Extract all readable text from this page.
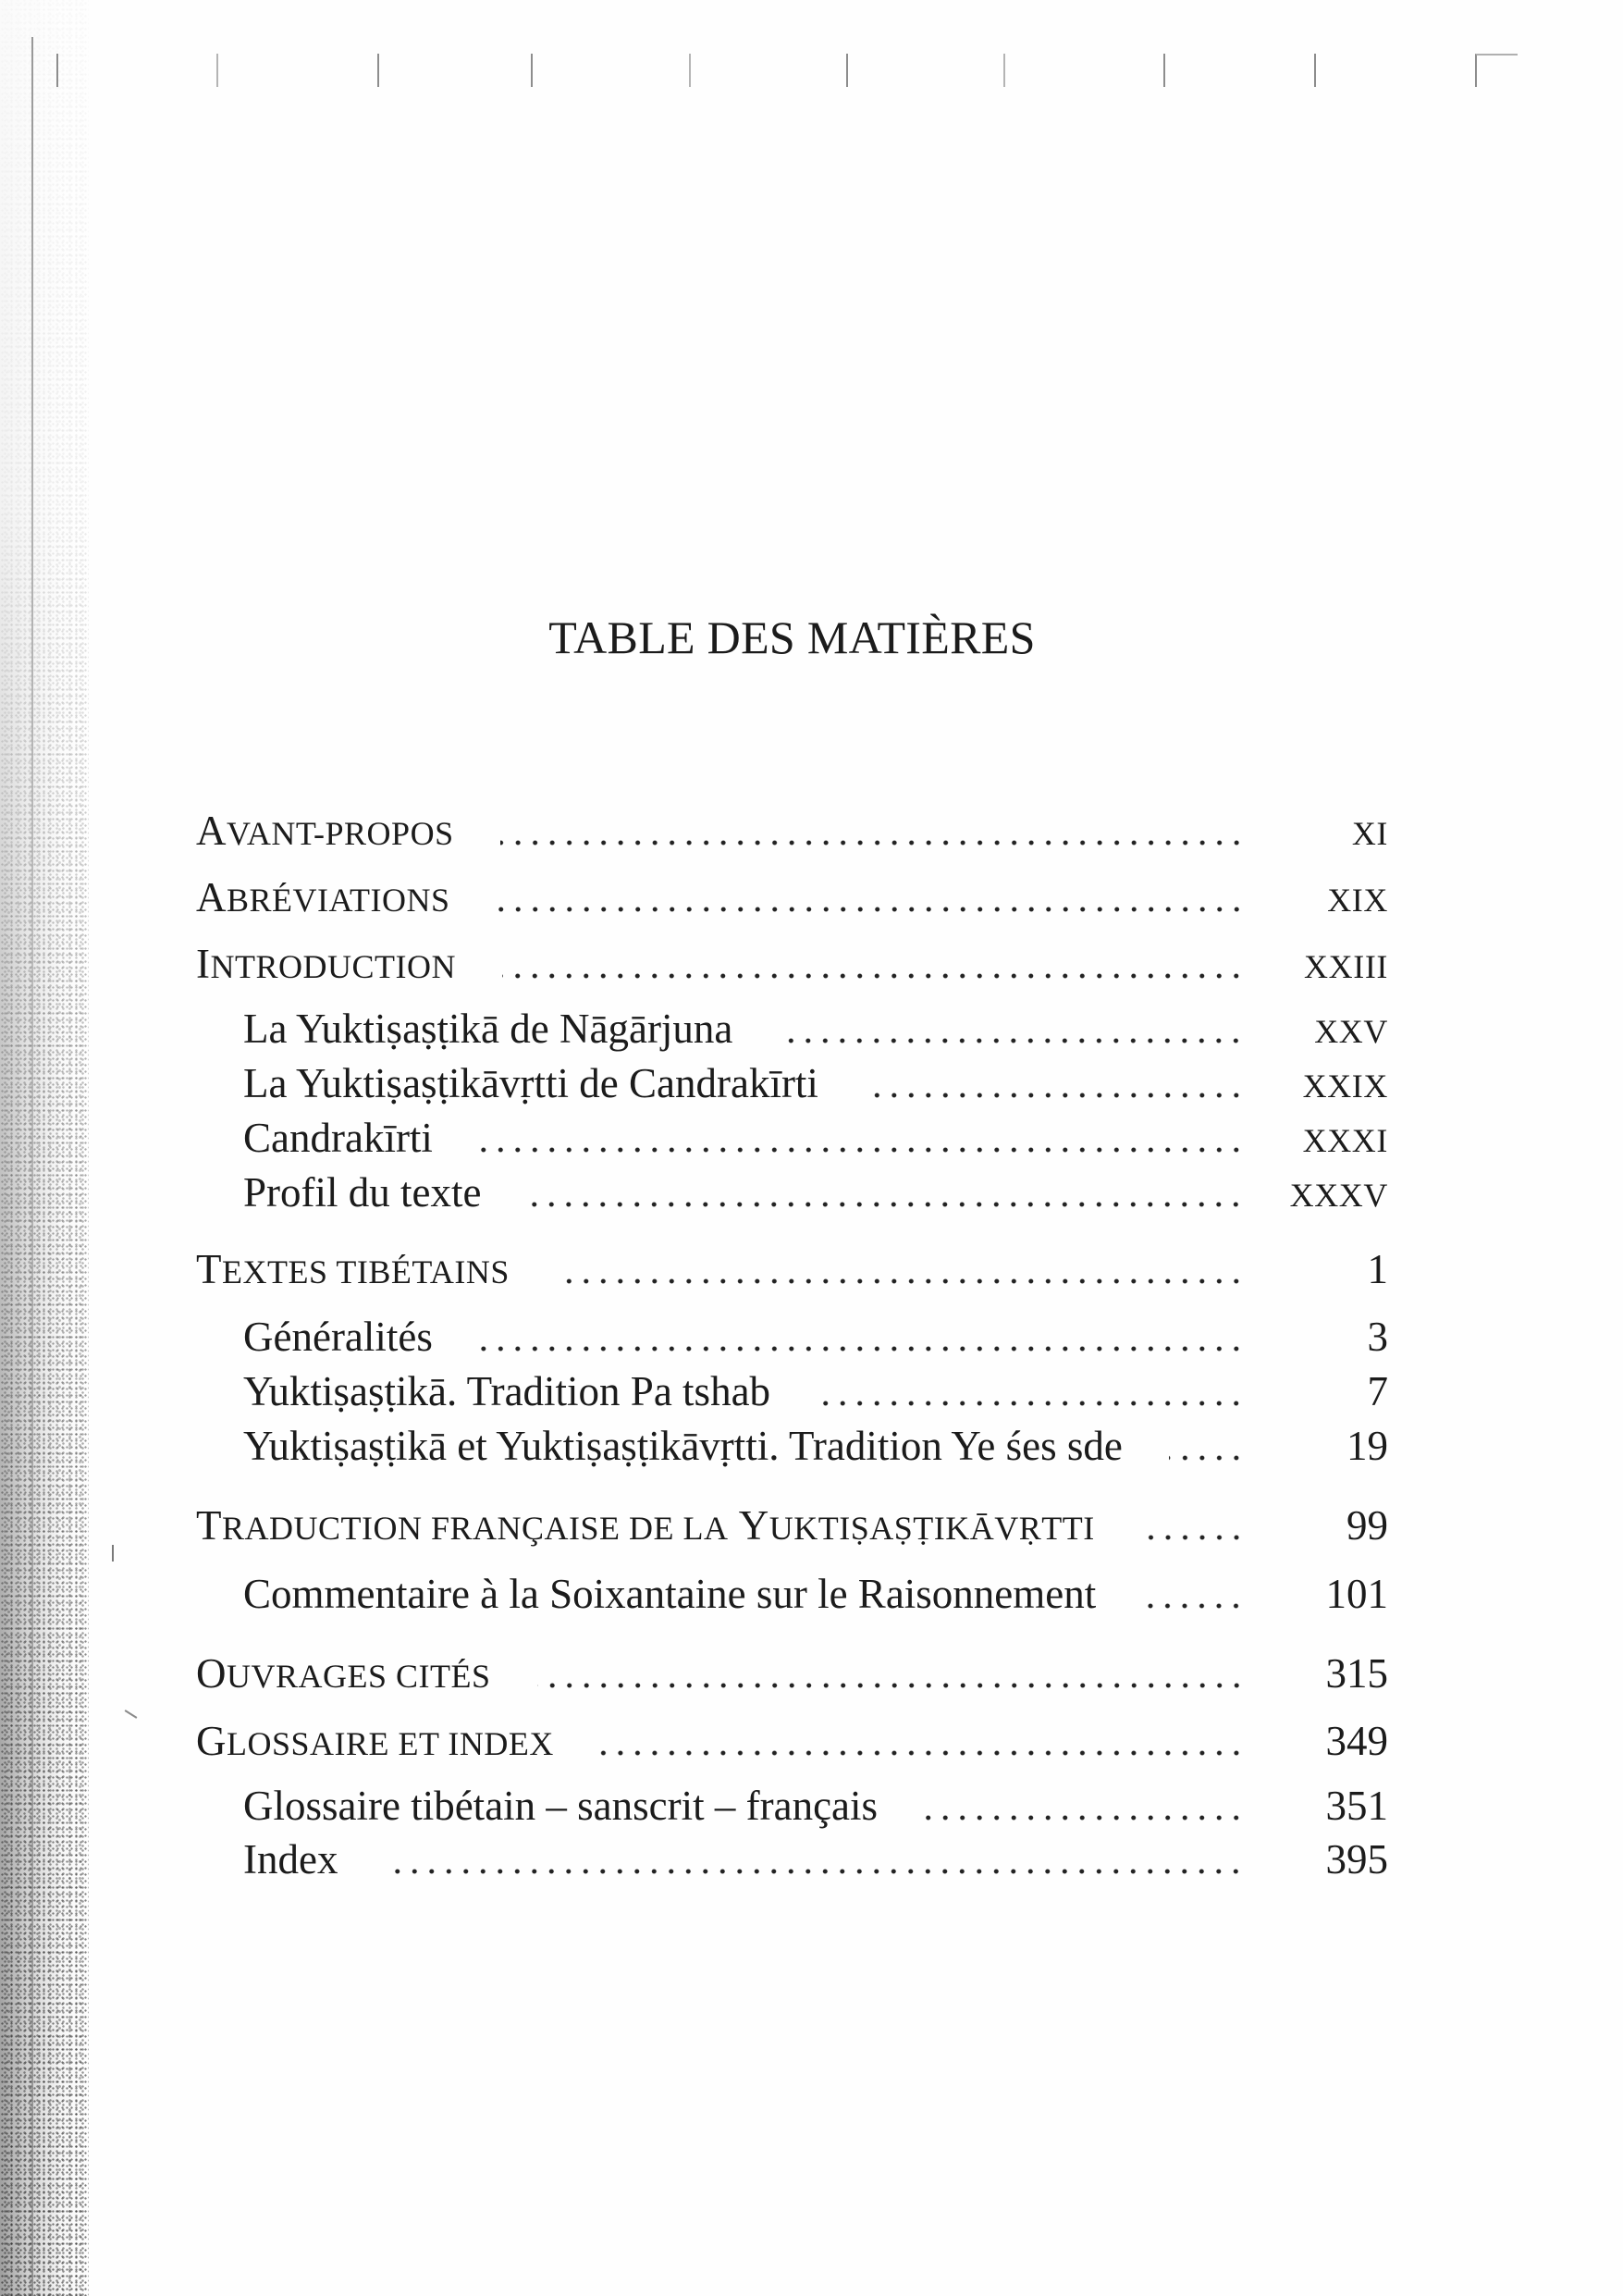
TABLE DES MATIÈRES
AVANT-PROPOS	XI
ABRÉVIATIONS	XIX
INTRODUCTION	XXIII
La Yuktiṣaṣṭikā de Nāgārjuna	XXV
La Yuktiṣaṣṭikāvṛtti de Candrakīrti	XXIX
Candrakīrti	XXXI
Profil du texte	XXXV
TEXTES TIBÉTAINS	1
Généralités	3
Yuktiṣaṣṭikā. Tradition Pa tshab	7
Yuktiṣaṣṭikā et Yuktiṣaṣṭikāvṛtti. Tradition Ye śes sde	19
TRADUCTION FRANÇAISE DE LA YUKTIṢAṢṬIKĀVṚTTI	99
Commentaire à la Soixantaine sur le Raisonnement	101
OUVRAGES CITÉS	315
GLOSSAIRE ET INDEX	349
Glossaire tibétain – sanscrit – français	351
Index	395
